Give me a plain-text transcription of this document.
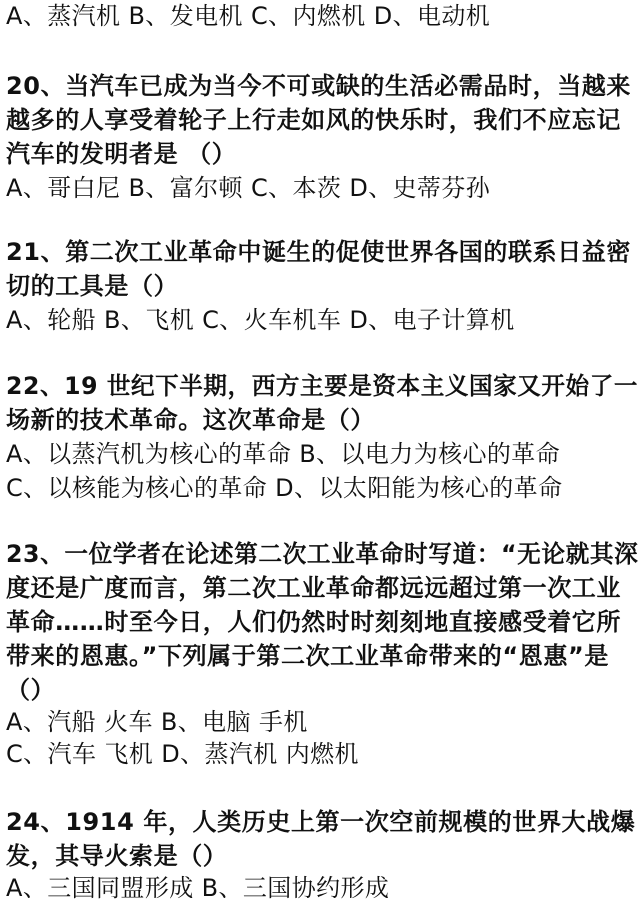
A、蒸汽机 B、发电机 C、内燃机 D、电动机
20、当汽车已成为当今不可或缺的生活必需品时，当越来
越多的人享受着轮子上行走如风的快乐时，我们不应忘记
汽车的发明者是 （）
A、哥白尼 B、富尔顿 C、本茨 D、史蒂芬孙
21、第二次工业革命中诞生的促使世界各国的联系日益密
切的工具是（）
A、轮船 B、飞机 C、火车机车 D、电子计算机
22、19 世纪下半期，西方主要是资本主义国家又开始了一
场新的技术革命。这次革命是（）
A、以蒸汽机为核心的革命 B、以电力为核心的革命
C、以核能为核心的革命 D、以太阳能为核心的革命
23、一位学者在论述第二次工业革命时写道：“无论就其深
度还是广度而言，第二次工业革命都远远超过第一次工业
革命……时至今日，人们仍然时时刻刻地直接感受着它所
带来的恩惠。”下列属于第二次工业革命带来的“恩惠”是
（）
A、汽船 火车 B、电脑 手机
C、汽车 飞机 D、蒸汽机 内燃机
24、1914 年，人类历史上第一次空前规模的世界大战爆
发，其导火索是（）
A、三国同盟形成 B、三国协约形成
